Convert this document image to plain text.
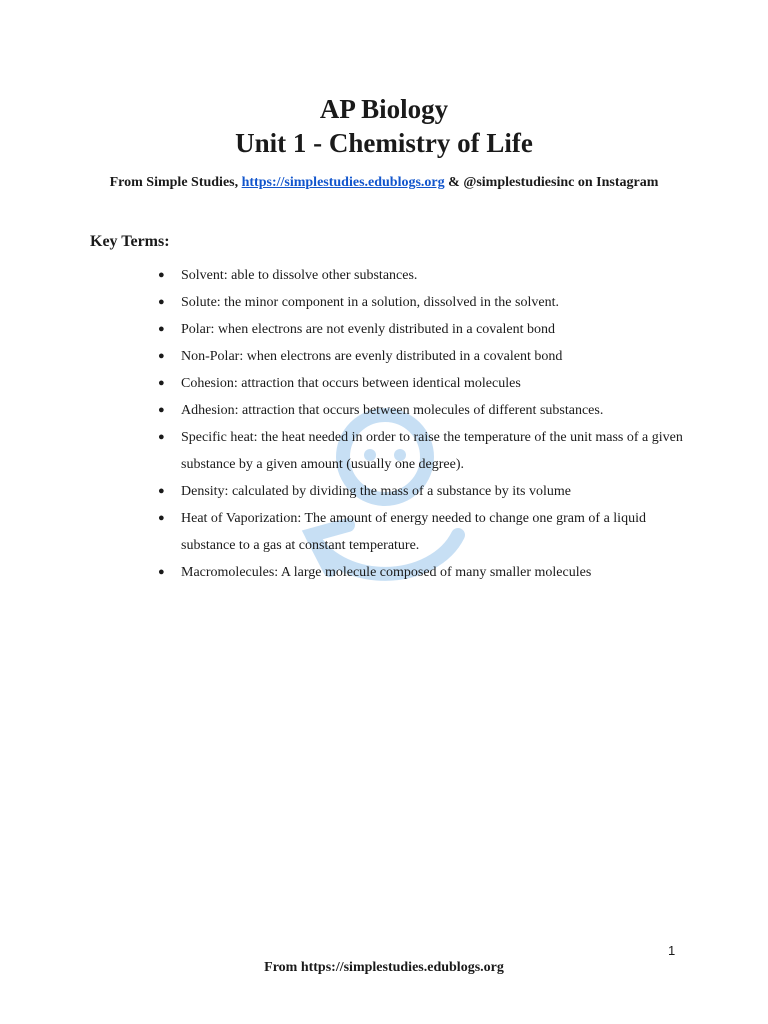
AP Biology
Unit 1 - Chemistry of Life
From Simple Studies, https://simplestudies.edublogs.org & @simplestudiesinc on Instagram
Key Terms:
● Solvent: able to dissolve other substances.
● Solute: the minor component in a solution, dissolved in the solvent.
● Polar: when electrons are not evenly distributed in a covalent bond
● Non-Polar: when electrons are evenly distributed in a covalent bond
● Cohesion: attraction that occurs between identical molecules
● Adhesion: attraction that occurs between molecules of different substances.
● Specific heat: the heat needed in order to raise the temperature of the unit mass of a given substance by a given amount (usually one degree).
● Density: calculated by dividing the mass of a substance by its volume
● Heat of Vaporization: The amount of energy needed to change one gram of a liquid substance to a gas at constant temperature.
● Macromolecules: A large molecule composed of many smaller molecules
1
From https://simplestudies.edublogs.org
